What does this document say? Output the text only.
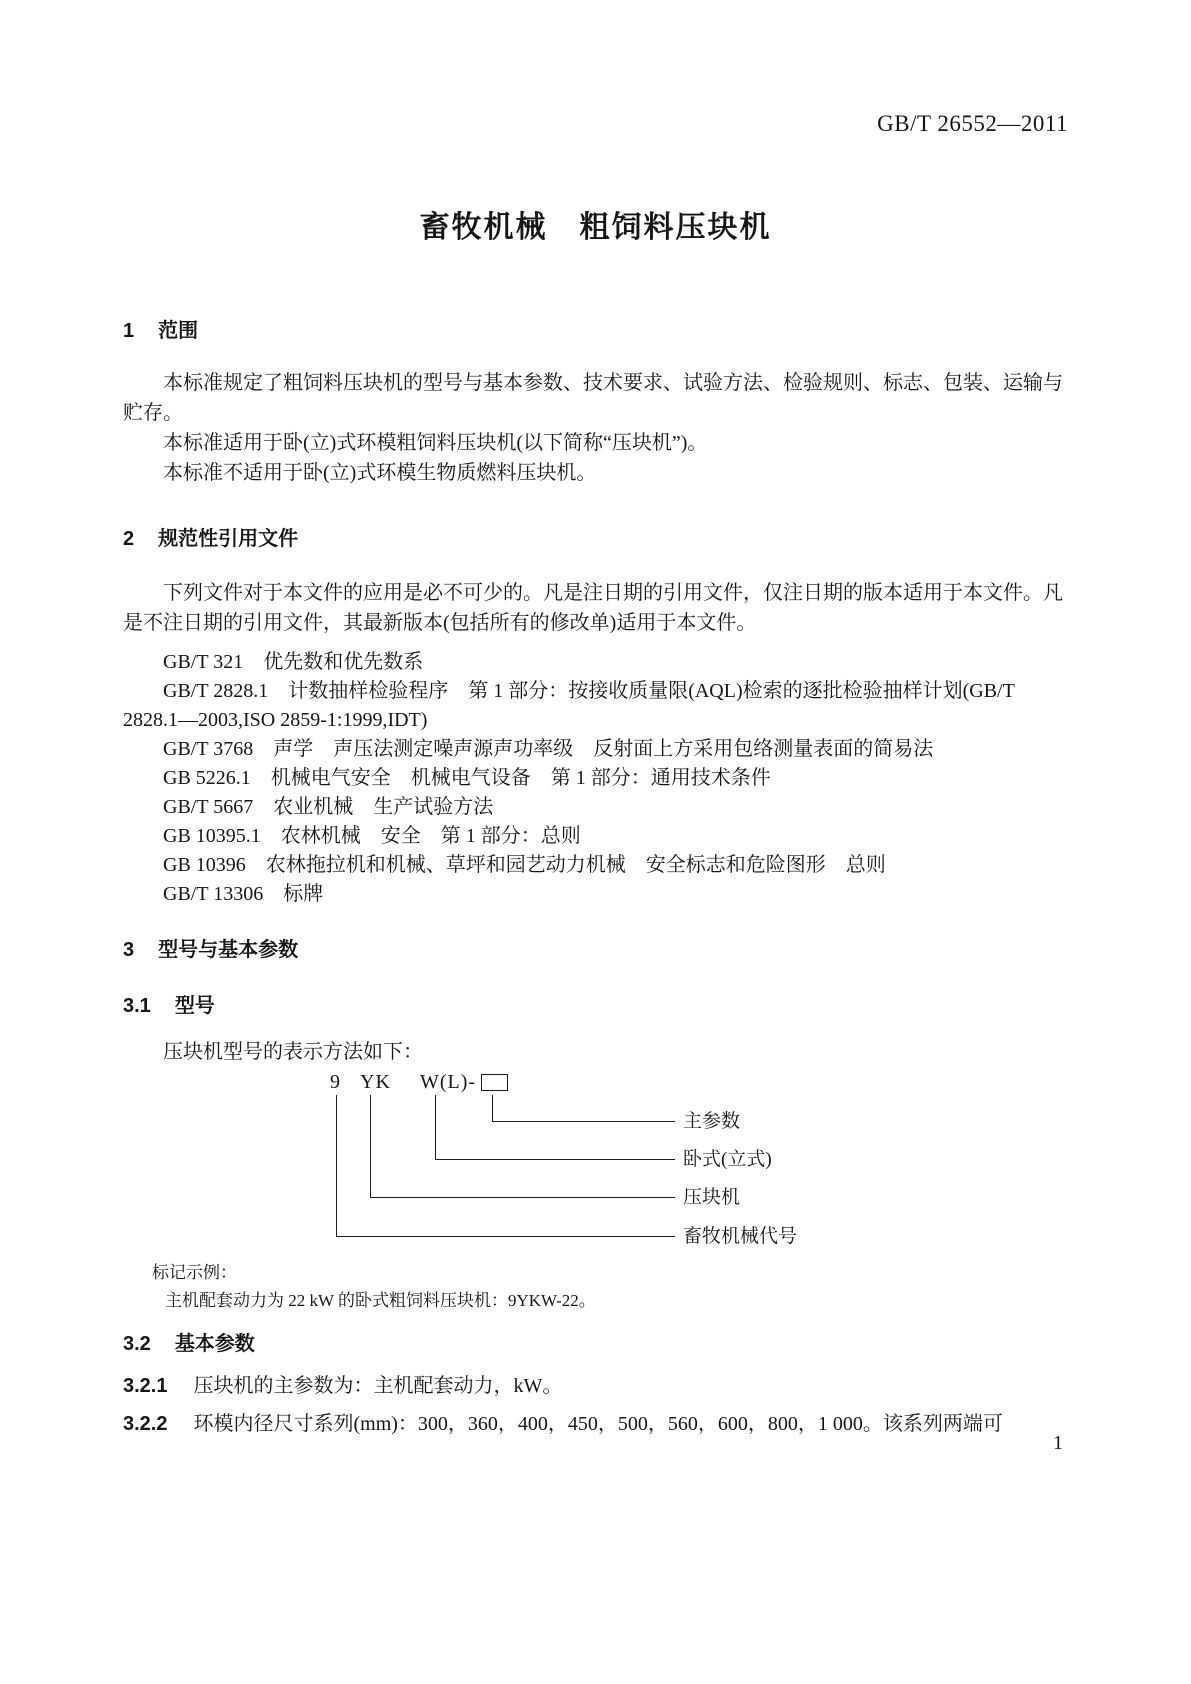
GB/T 26552—2011
畜牧机械　粗饲料压块机
1 范围

本标准规定了粗饲料压块机的型号与基本参数、技术要求、试验方法、检验规则、标志、包装、运输与贮存。

本标准适用于卧(立)式环模粗饲料压块机(以下简称“压块机”)。

本标准不适用于卧(立)式环模生物质燃料压块机。

2 规范性引用文件

下列文件对于本文件的应用是必不可少的。凡是注日期的引用文件，仅注日期的版本适用于本文件。凡是不注日期的引用文件，其最新版本(包括所有的修改单)适用于本文件。

GB/T 321　优先数和优先数系

GB/T 2828.1　计数抽样检验程序　第 1 部分：按接收质量限(AQL)检索的逐批检验抽样计划(GB/T 2828.1—2003,ISO 2859-1:1999,IDT)

GB/T 3768　声学　声压法测定噪声源声功率级　反射面上方采用包络测量表面的简易法

GB 5226.1　机械电气安全　机械电气设备　第 1 部分：通用技术条件

GB/T 5667　农业机械　生产试验方法

GB 10395.1　农林机械　安全　第 1 部分：总则

GB 10396　农林拖拉机和机械、草坪和园艺动力机械　安全标志和危险图形　总则

GB/T 13306　标牌

3 型号与基本参数
3.1 型号

压块机型号的表示方法如下：

9 YK W(L)-
主参数
卧式(立式)
压块机
畜牧机械代号

标记示例：

主机配套动力为 22 kW 的卧式粗饲料压块机：9YKW-22。

3.2 基本参数

3.2.1 压块机的主参数为：主机配套动力，kW。

3.2.2 环模内径尺寸系列(mm)：300，360，400，450，500，560，600，800，1 000。该系列两端可

1
